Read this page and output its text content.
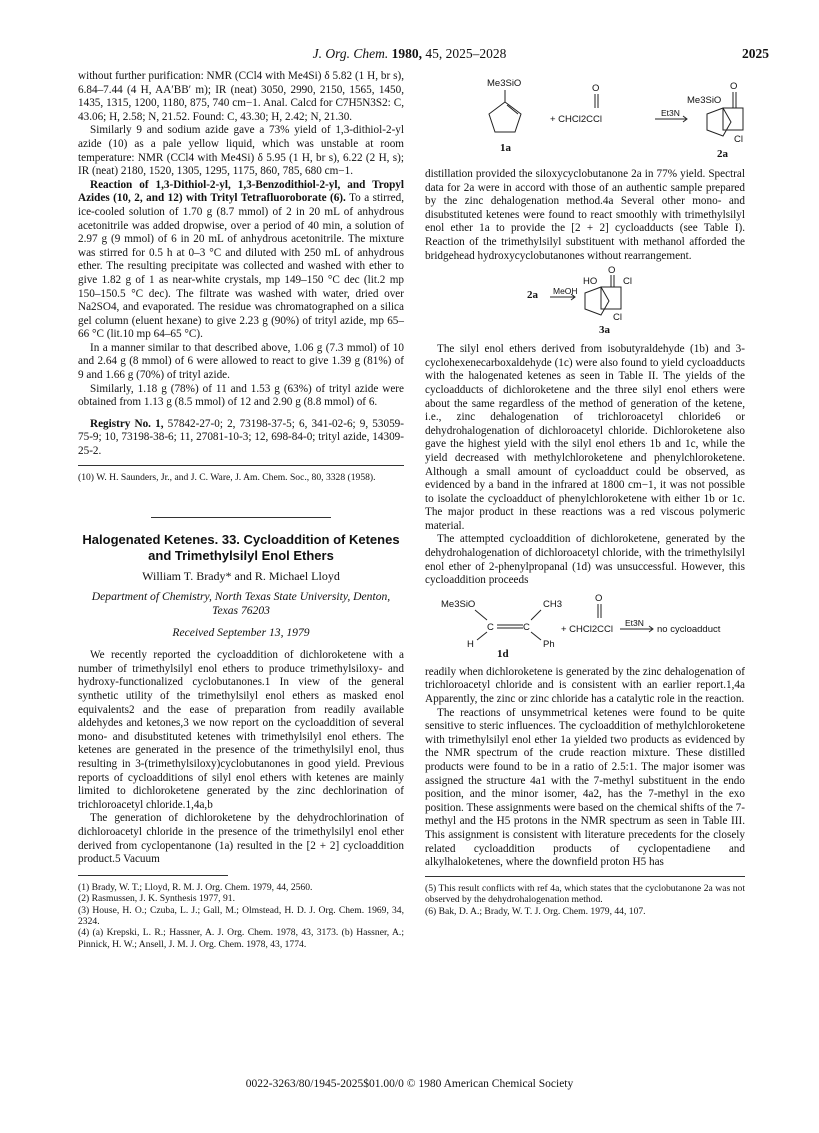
J. Org. Chem. 1980, 45, 2025–2028	2025

without further purification: NMR (CCl4 with Me4Si) δ 5.82 (1 H, br s), 6.84–7.44 (4 H, AA′BB′ m); IR (neat) 3050, 2990, 2150, 1565, 1450, 1435, 1315, 1200, 1180, 875, 740 cm−1. Anal. Calcd for C7H5N3S2: C, 43.06; H, 2.58; N, 21.52. Found: C, 43.30; H, 2.42; N, 21.30.

Similarly 9 and sodium azide gave a 73% yield of 1,3-dithiol-2-yl azide (10) as a pale yellow liquid, which was unstable at room temperature: NMR (CCl4 with Me4Si) δ 5.95 (1 H, br s), 6.22 (2 H, s); IR (neat) 2180, 1520, 1305, 1295, 1175, 860, 785, 680 cm−1.

Reaction of 1,3-Dithiol-2-yl, 1,3-Benzodithiol-2-yl, and Tropyl Azides (10, 2, and 12) with Trityl Tetrafluoroborate (6). To a stirred, ice-cooled solution of 1.70 g (8.7 mmol) of 2 in 20 mL of anhydrous acetonitrile was added dropwise, over a period of 40 min, a solution of 2.97 g (9 mmol) of 6 in 20 mL of anhydrous acetonitrile. The mixture was stirred for 0.5 h at 0–3 °C and diluted with 250 mL of anhydrous ether. The resulting precipitate was collected and washed with ether to give 1.82 g of 1 as near-white crystals, mp 149–150 °C dec (lit.2 mp 150–150.5 °C dec). The filtrate was washed with water, dried over Na2SO4, and evaporated. The residue was chromatographed on a silica gel column (eluent hexane) to give 2.23 g (90%) of trityl azide, mp 65–66 °C (lit.10 mp 64–65 °C).

In a manner similar to that described above, 1.06 g (7.3 mmol) of 10 and 2.64 g (8 mmol) of 6 were allowed to react to give 1.39 g (81%) of 9 and 1.66 g (70%) of trityl azide.

Similarly, 1.18 g (78%) of 11 and 1.53 g (63%) of trityl azide were obtained from 1.13 g (8.5 mmol) of 12 and 2.90 g (8.8 mmol) of 6.

Registry No. 1, 57842-27-0; 2, 73198-37-5; 6, 341-02-6; 9, 53059-75-9; 10, 73198-38-6; 11, 27081-10-3; 12, 698-84-0; trityl azide, 14309-25-2.

(10) W. H. Saunders, Jr., and J. C. Ware, J. Am. Chem. Soc., 80, 3328 (1958).

Halogenated Ketenes. 33. Cycloaddition of Ketenes and Trimethylsilyl Enol Ethers
William T. Brady* and R. Michael Lloyd
Department of Chemistry, North Texas State University, Denton, Texas 76203
Received September 13, 1979

We recently reported the cycloaddition of dichloroketene with a number of trimethylsilyl enol ethers to produce trimethylsiloxy- and hydroxy-functionalized cyclobutanones.1 In view of the general synthetic utility of the trimethylsilyl enol ethers as masked enol equivalents2 and the ease of preparation from readily available aldehydes and ketones,3 we now report on the cycloaddition of several mono- and disubstituted ketenes with trimethylsilyl enol ethers. The ketenes are generated in the presence of the trimethylsilyl enol, thus resulting in 3-(trimethylsiloxy)cyclobutanones in good yield. Previous reports of cycloadditions of silyl enol ethers with ketenes are mainly limited to dichloroketene generated by the zinc dechlorination of trichloroacetyl chloride.1,4a,b

The generation of dichloroketene by the dehydrochlorination of dichloroacetyl chloride in the presence of the trimethylsilyl enol ether derived from cyclopentanone (1a) resulted in the [2 + 2] cycloaddition product.5 Vacuum

(1) Brady, W. T.; Lloyd, R. M. J. Org. Chem. 1979, 44, 2560.

(2) Rasmussen, J. K. Synthesis 1977, 91.

(3) House, H. O.; Czuba, L. J.; Gall, M.; Olmstead, H. D. J. Org. Chem. 1969, 34, 2324.

(4) (a) Krepski, L. R.; Hassner, A. J. Org. Chem. 1978, 43, 3173. (b) Hassner, A.; Pinnick, H. W.; Ansell, J. M. J. Org. Chem. 1978, 43, 1774.

Me3SiO	O
+ CHCl2CCl
Et3N
Me3SiO
O
Cl
1a	2a

distillation provided the siloxycyclobutanone 2a in 77% yield. Spectral data for 2a were in accord with those of an authentic sample prepared by the zinc dehalogenation method.4a Several other mono- and disubstituted ketenes were found to react smoothly with trimethylsilyl enol ether 1a to provide the [2 + 2] cycloadducts (see Table I). Reaction of the trimethylsilyl substituent with methanol afforded the bridgehead hydroxycyclobutanones without rearrangement.

2a MeOH
HO
O
Cl
Cl
3a

The silyl enol ethers derived from isobutyraldehyde (1b) and 3-cyclohexenecarboxaldehyde (1c) were also found to yield cycloadducts with the halogenated ketenes as seen in Table II. The yields of the cycloadducts of dichloroketene and the three silyl enol ethers were about the same regardless of the method of generation of the ketene, i.e., zinc dehalogenation of trichloroacetyl chloride6 or dehydrohalogenation of dichloroacetyl chloride. Dichloroketene also gave the highest yield with the silyl enol ethers 1b and 1c, while the yield decreased with methylchloroketene and phenylchloroketene. Although a small amount of cycloadduct could be observed, as evidenced by a band in the infrared at 1800 cm−1, it was not possible to isolate the cycloadduct of phenylchloroketene with either 1b or 1c. The major product in these reactions was a red viscous polymeric material.

The attempted cycloaddition of dichloroketene, generated by the dehydrohalogenation of dichloroacetyl chloride, with the trimethylsilyl enol ether of 2-phenylpropanal (1d) was unsuccessful. However, this cycloaddition proceeds

Me3SiO	CH3
C	C
H	Ph
O
+ CHCl2CCl
Et3N
no cycloadduct
1d

readily when dichloroketene is generated by the zinc dehalogenation of trichloroacetyl chloride and is consistent with an earlier report.1,4a Apparently, the zinc or zinc chloride has a catalytic role in the reaction.

The reactions of unsymmetrical ketenes were found to be quite sensitive to steric influences. The cycloaddition of methylchloroketene with trimethylsilyl enol ether 1a yielded two products as evidenced by the NMR spectrum of the crude reaction mixture. These distilled products were found to be in a ratio of 2.5:1. The major isomer was assigned the structure 4a1 with the 7-methyl substituent in the endo position, and the minor isomer, 4a2, has the 7-methyl in the exo position. These assignments were based on the chemical shifts of the 7-methyl and the H5 protons in the NMR spectrum as seen in Table III. This assignment is consistent with literature precedents for the closely related cycloaddition products of cyclopentadiene and alkylhaloketenes, where the downfield proton H5 has

(5) This result conflicts with ref 4a, which states that the cyclobutanone 2a was not observed by the dehydrohalogenation method.

(6) Bak, D. A.; Brady, W. T. J. Org. Chem. 1979, 44, 107.

0022-3263/80/1945-2025$01.00/0 © 1980 American Chemical Society
